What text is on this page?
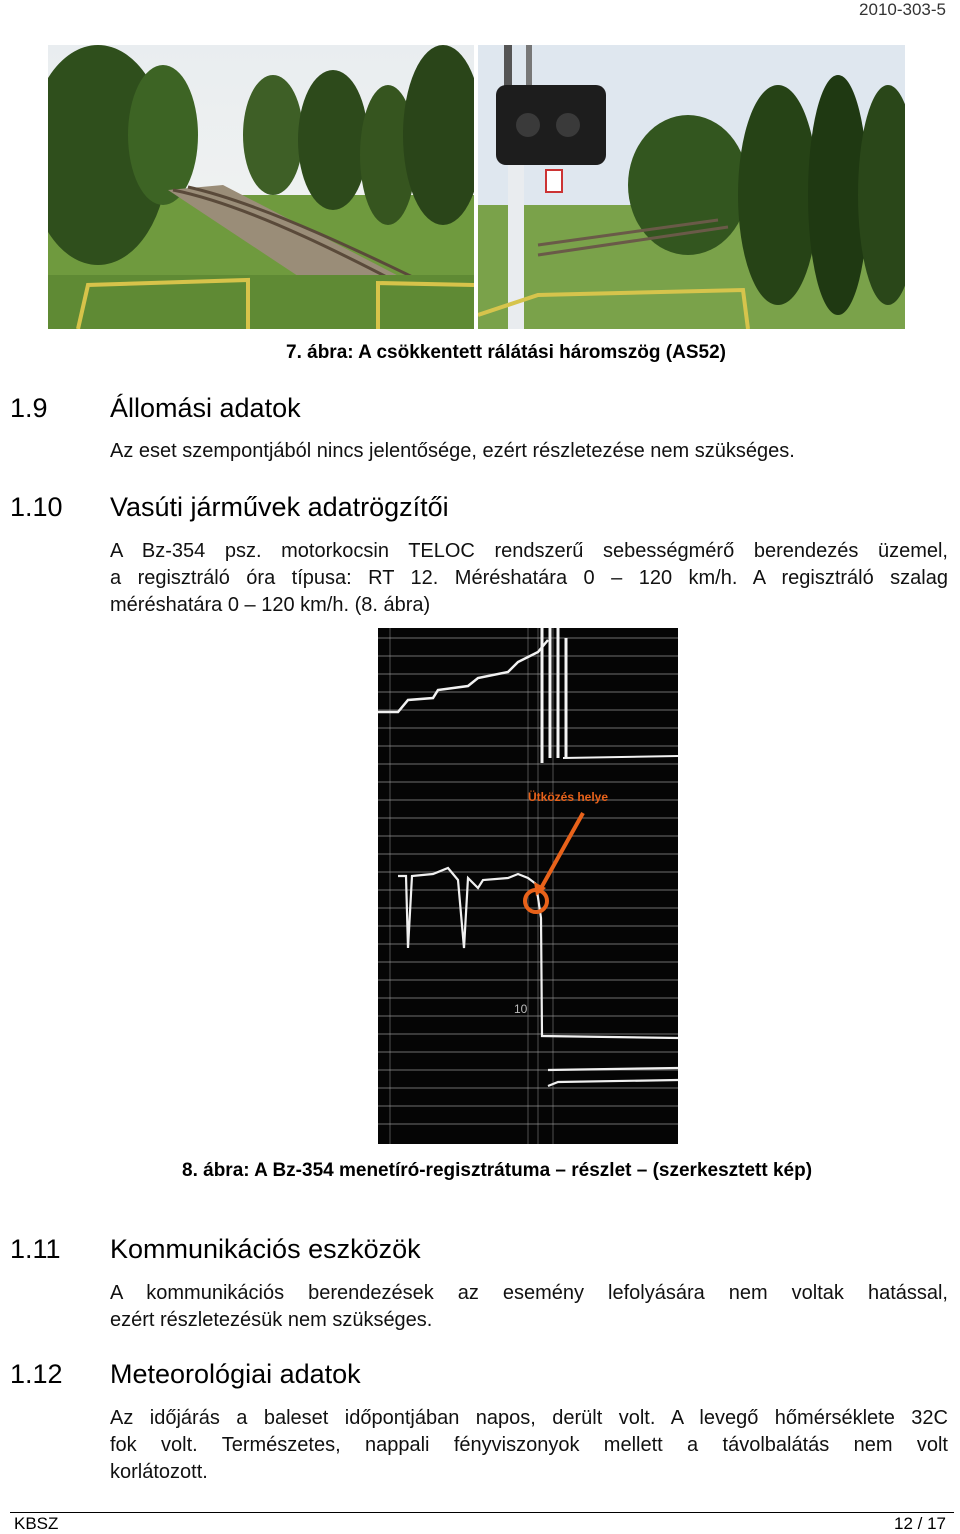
2010-303-5
7. ábra: A csökkentett rálátási háromszög (AS52)
1.9 Állomási adatok
Az eset szempontjából nincs jelentősége, ezért részletezése nem szükséges.
1.10 Vasúti járművek adatrögzítői
A Bz-354 psz. motorkocsin TELOC rendszerű sebességmérő berendezés üzemel,
a regisztráló óra típusa: RT 12. Méréshatára 0 – 120 km/h. A regisztráló szalag
méréshatára 0 – 120 km/h. (8. ábra)
Ütközés helye
10
8. ábra: A Bz-354 menetíró-regisztrátuma – részlet – (szerkesztett kép)
1.11 Kommunikációs eszközök
A kommunikációs berendezések az esemény lefolyására nem voltak hatással,
ezért részletezésük nem szükséges.
1.12 Meteorológiai adatok
Az időjárás a baleset időpontjában napos, derült volt. A levegő hőmérséklete 32C
fok volt. Természetes, nappali fényviszonyok mellett a távolbalátás nem volt
korlátozott.
KBSZ	12 / 17
